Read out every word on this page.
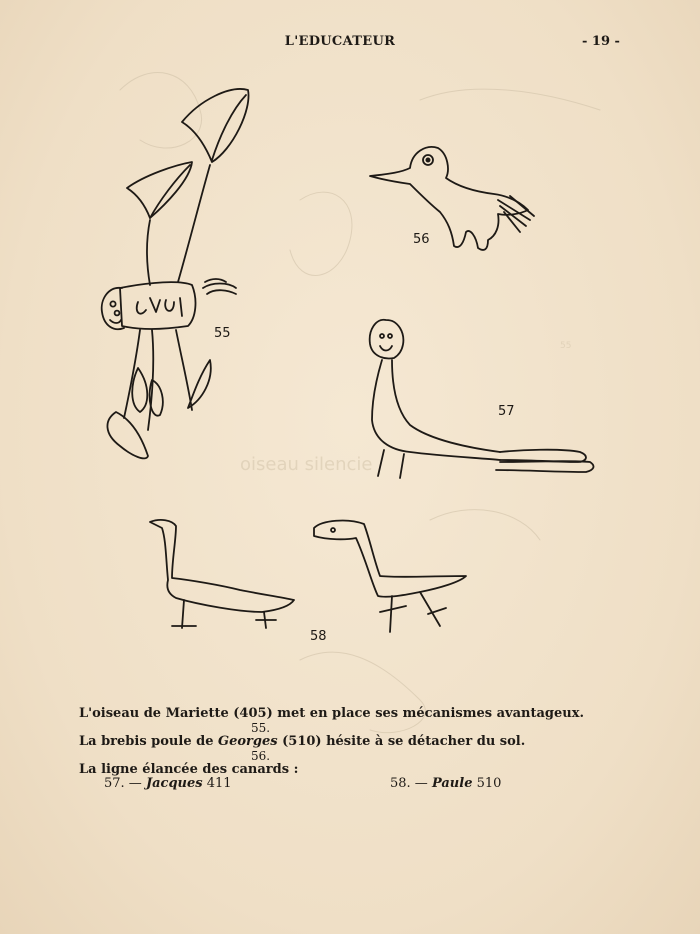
L'EDUCATEUR	- 19 -
oiseau silencie
55
55
56
57
58
L'oiseau de Mariette (405) met en place ses mécanismes avantageux.
55.
La brebis poule de Georges (510) hésite à se détacher du sol.
56.
La ligne élancée des canards :
57. — Jacques 411	58. — Paule 510
